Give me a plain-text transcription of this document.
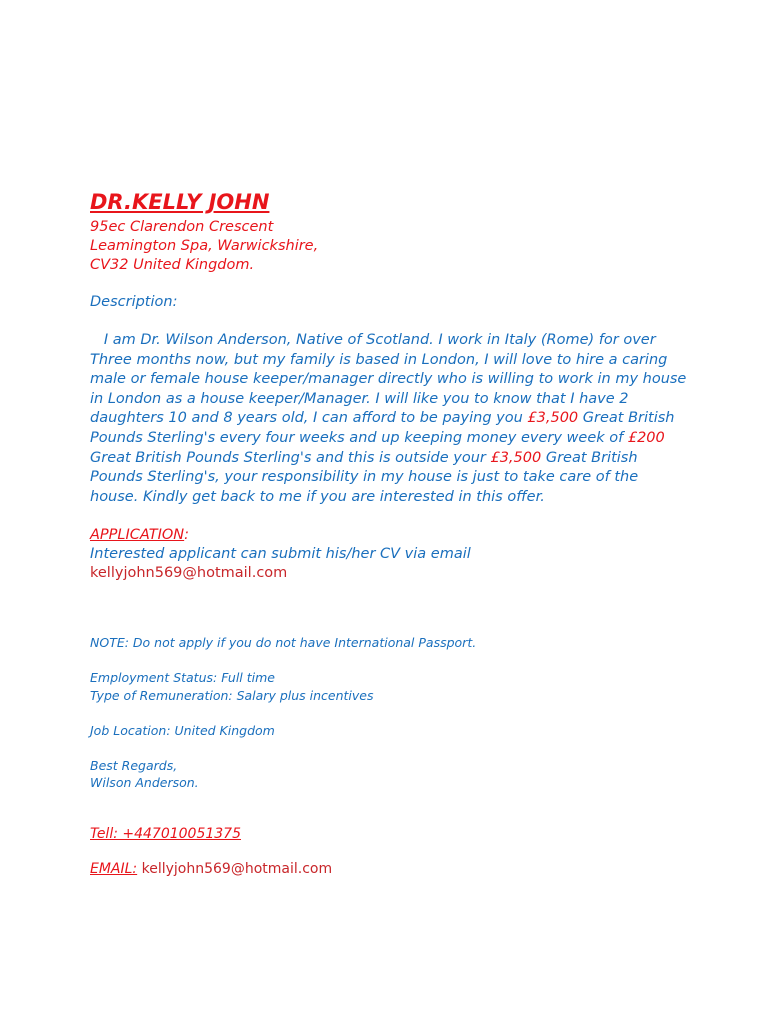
DR.KELLY JOHN
95ec Clarendon Crescent
Leamington Spa, Warwickshire,
CV32 United Kingdom.
Description:
I am Dr. Wilson Anderson, Native of Scotland. I work in Italy (Rome) for over Three months now, but my family is based in London, I will love to hire a caring male or female house keeper/manager directly who is willing to work in my house in London as a house keeper/Manager. I will like you to know that I have 2 daughters 10 and 8 years old, I can afford to be paying you £3,500 Great British Pounds Sterling's every four weeks and up keeping money every week of £200 Great British Pounds Sterling's and this is outside your £3,500 Great British Pounds Sterling's, your responsibility in my house is just to take care of the house. Kindly get back to me if you are interested in this offer.
APPLICATION:
Interested applicant can submit his/her CV via email
kellyjohn569@hotmail.com
NOTE: Do not apply if you do not have International Passport.
Employment Status: Full time
Type of Remuneration: Salary plus incentives
Job Location: United Kingdom
Best Regards,
Wilson Anderson.
Tell: +447010051375
EMAIL: kellyjohn569@hotmail.com
